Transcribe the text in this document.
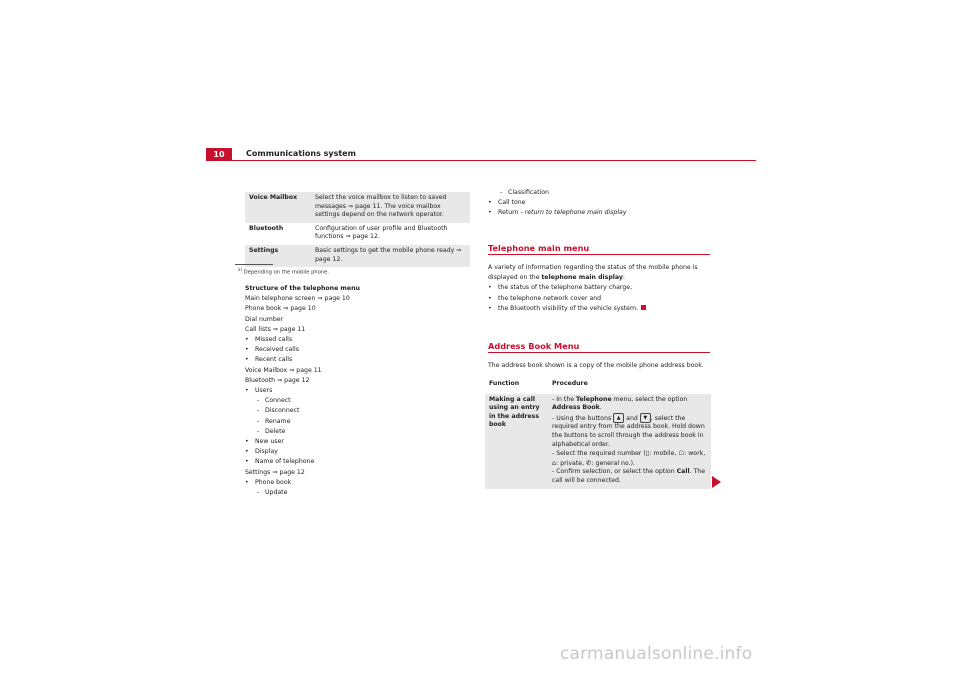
10	Communications system
Voice Mailbox	Select the voice mailbox to listen to saved messages ⇒ page 11. The voice mailbox settings depend on the network operator.
Bluetooth	Configuration of user profile and Bluetooth functions ⇒ page 12.
Settings	Basic settings to get the mobile phone ready ⇒ page 12.
$^{a)}$ Depending on the mobile phone.
Structure of the telephone menu
Main telephone screen ⇒ page 10
Phone book ⇒ page 10
Dial number
Call lists ⇒ page 11
• Missed calls
• Received calls
• Recent calls
Voice Mailbox ⇒ page 11
Bluetooth ⇒ page 12
• Users
- Connect
- Disconnect
- Rename
- Delete
• New user
• Display
• Name of telephone
Settings ⇒ page 12
• Phone book
- Update
- Classification
• Call tone
• Return - return to telephone main display
Telephone main menu
A variety of information regarding the status of the mobile phone is displayed on the telephone main display:
• the status of the telephone battery charge,
• the telephone network cover and
• the Bluetooth visibility of the vehicle system.
Address Book Menu
The address book shown is a copy of the mobile phone address book.
Function	Procedure
Making a call using an entry in the address book	- In the Telephone menu, select the option Address Book.
- Using the buttons ▲ and ▼ , select the required entry from the address book. Hold down the buttons to scroll through the address book in alphabetical order.
- Select the required number (▯: mobile, ☖: work, ⌂: private, ✆: general no.).
- Confirm selection, or select the option Call. The call will be connected.
carmanualsonline.info
